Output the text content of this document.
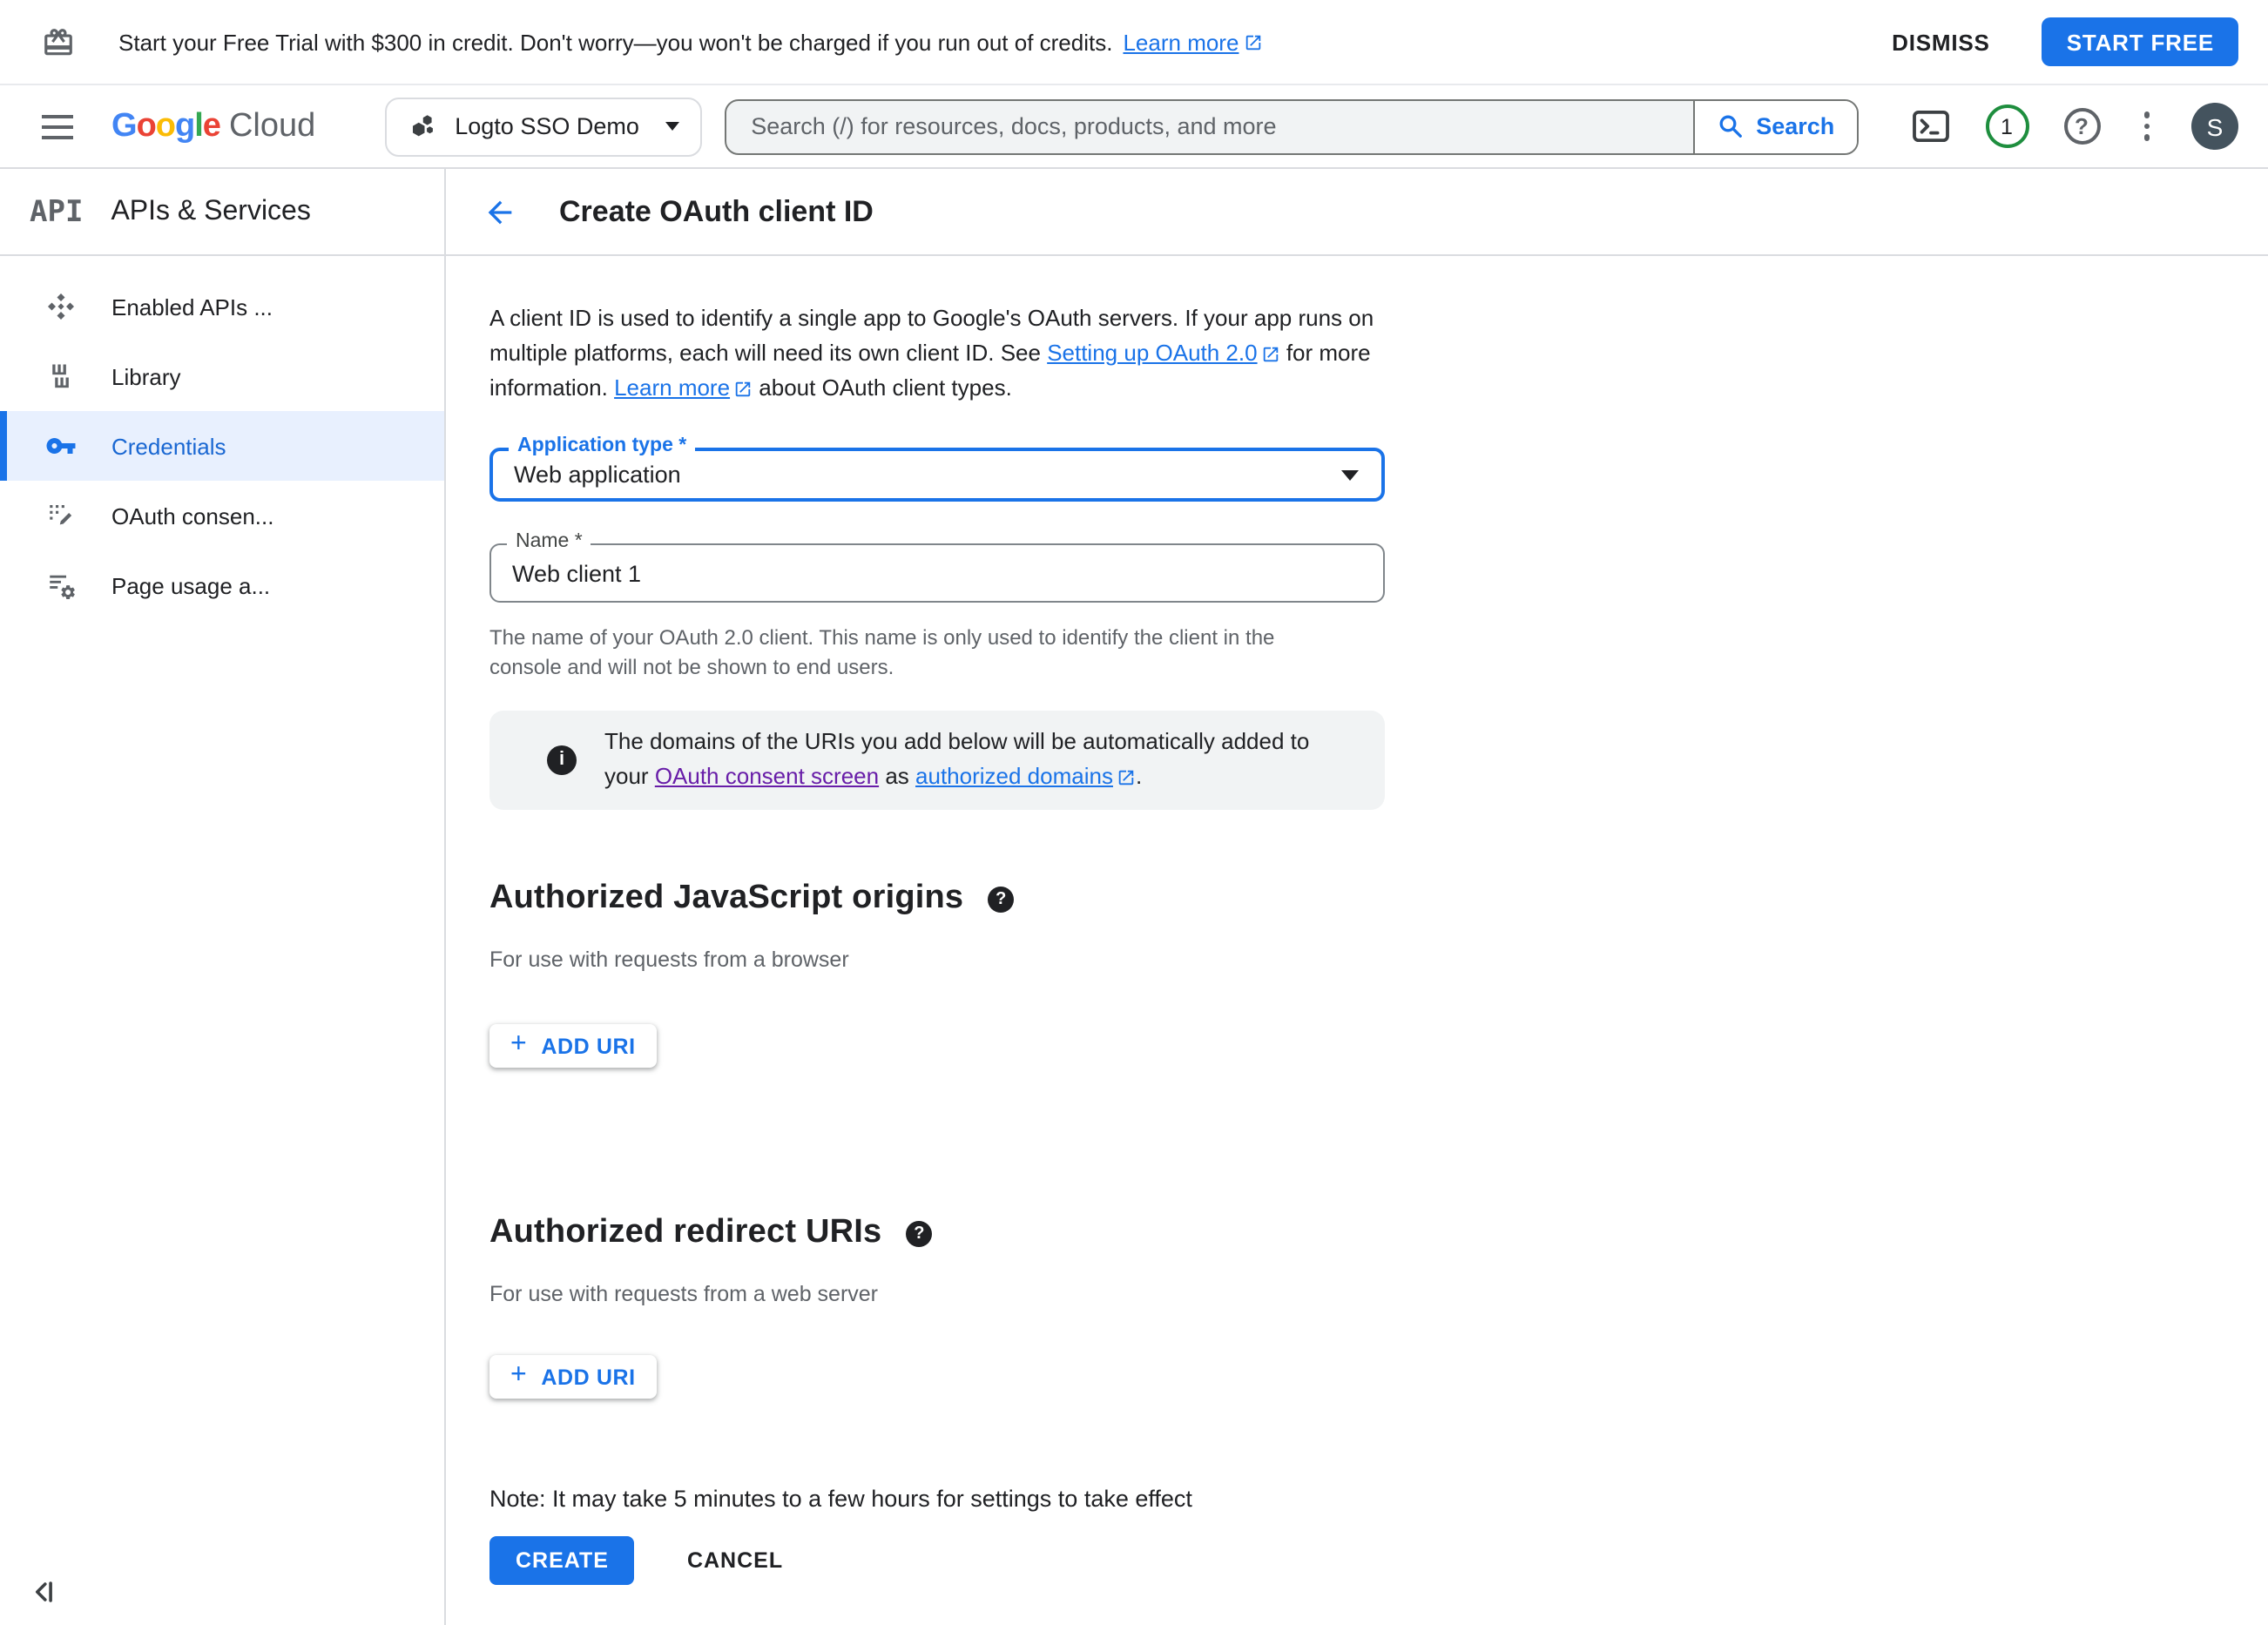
Start your Free Trial with $300 in credit. Don't worry—you won't be charged if you run out of credits. Learn more	DISMISS	START FREE
Google Cloud	Logto SSO Demo
Search (/) for resources, docs, products, and more	Search	1	?	S
API APIs & Services
Enabled APIs ...
Library
Credentials
OAuth consen...
Page usage a...
Create OAuth client ID

A client ID is used to identify a single app to Google's OAuth servers. If your app runs on multiple platforms, each will need its own client ID. See Setting up OAuth 2.0 for more information. Learn more about OAuth client types.

Application type *
Web application
Name *
Web client 1

The name of your OAuth 2.0 client. This name is only used to identify the client in the console and will not be shown to end users.

i

The domains of the URIs you add below will be automatically added to your OAuth consent screen as authorized domains .

Authorized JavaScript origins	?

For use with requests from a browser

+ ADD URI
Authorized redirect URIs	?

For use with requests from a web server

+ ADD URI

Note: It may take 5 minutes to a few hours for settings to take effect

CREATE	CANCEL
